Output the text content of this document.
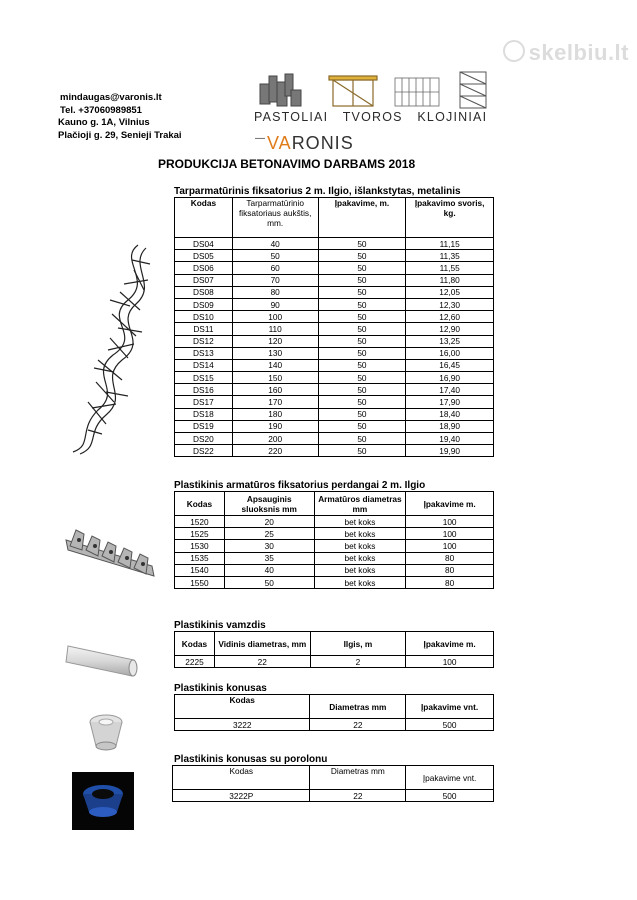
skelbiu.lt
mindaugas@varonis.lt
Tel. +37060989851
Kauno g. 1A, Vilnius
Plačioji g. 29, Senieji Trakai
PASTOLIAI TVOROS KLOJINIAI
—VARONIS
PRODUKCIJA BETONAVIMO DARBAMS 2018
Tarparmatūrinis fiksatorius 2 m. Ilgio, išlankstytas, metalinis
Kodas	Tarparmatūrinio fiksatoriaus aukštis, mm.	Įpakavime, m.	Įpakavimo svoris, kg.
DS04	40	50	11,15
DS05	50	50	11,35
DS06	60	50	11,55
DS07	70	50	11,80
DS08	80	50	12,05
DS09	90	50	12,30
DS10	100	50	12,60
DS11	110	50	12,90
DS12	120	50	13,25
DS13	130	50	16,00
DS14	140	50	16,45
DS15	150	50	16,90
DS16	160	50	17,40
DS17	170	50	17,90
DS18	180	50	18,40
DS19	190	50	18,90
DS20	200	50	19,40
DS22	220	50	19,90
Plastikinis armatūros fiksatorius perdangai 2 m. Ilgio
Kodas	Apsauginis sluoksnis mm	Armatūros diametras mm	Įpakavime m.
1520	20	bet koks	100
1525	25	bet koks	100
1530	30	bet koks	100
1535	35	bet koks	80
1540	40	bet koks	80
1550	50	bet koks	80
Plastikinis vamzdis
Kodas	Vidinis diametras, mm	Ilgis, m	Įpakavime m.
2225	22	2	100
Plastikinis konusas
Kodas	Diametras mm	Įpakavime vnt.
3222	22	500
Plastikinis konusas su porolonu
Kodas	Diametras mm	Įpakavime vnt.
3222P	22	500
